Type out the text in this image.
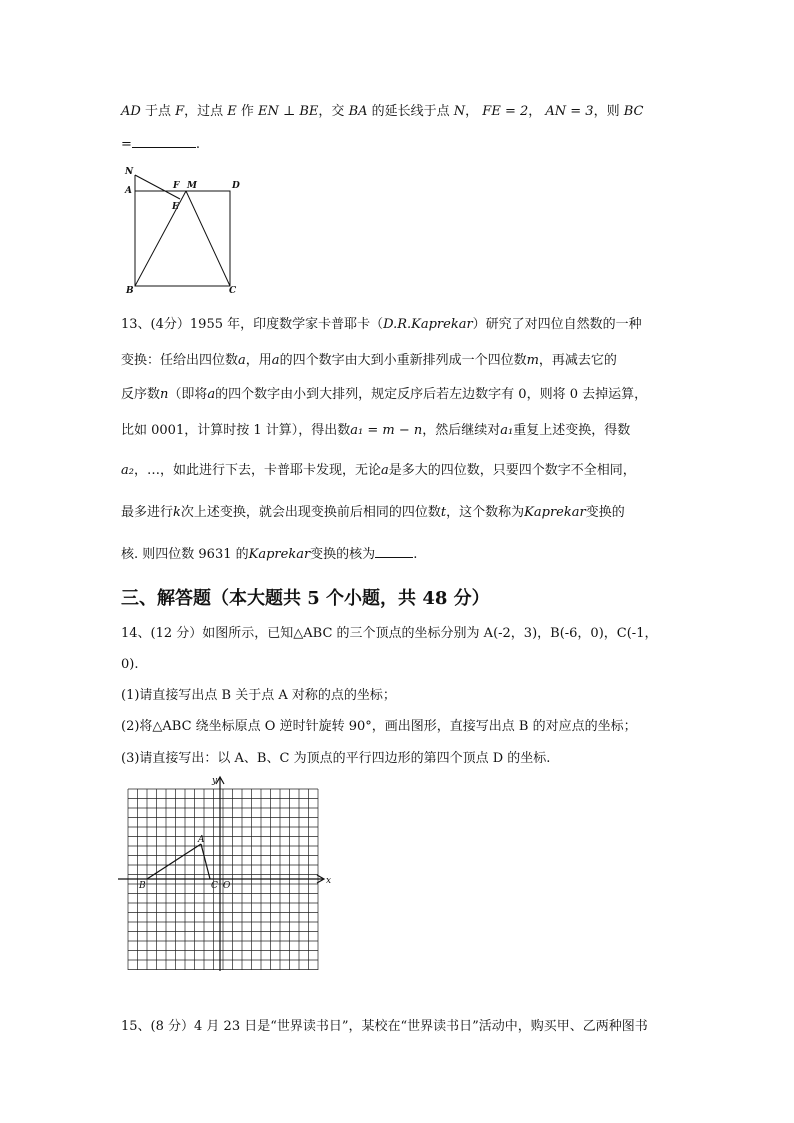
AD 于点 F，过点 E 作 EN ⊥ BE，交 BA 的延长线于点 N， FE = 2， AN = 3，则 BC
=	.
N
A	F M	D
E
B	C
13、(4分）1955 年，印度数学家卡普耶卡（D.R.Kaprekar）研究了对四位自然数的一种
变换：任给出四位数a，用a的四个数字由大到小重新排列成一个四位数m，再减去它的
反序数n（即将a的四个数字由小到大排列，规定反序后若左边数字有 0，则将 0 去掉运算，
比如 0001，计算时按 1 计算），得出数a₁ = m − n，然后继续对a₁重复上述变换，得数
a₂，…，如此进行下去，卡普耶卡发现，无论a是多大的四位数，只要四个数字不全相同，
最多进行k次上述变换，就会出现变换前后相同的四位数t，这个数称为Kaprekar变换的
核. 则四位数 9631 的Kaprekar变换的核为	.
三、解答题（本大题共 5 个小题，共 48 分）
14、(12 分）如图所示，已知△ABC 的三个顶点的坐标分别为 A(-2，3)，B(-6，0)，C(-1，
0).
(1)请直接写出点 B 关于点 A 对称的点的坐标；
(2)将△ABC 绕坐标原点 O 逆时针旋转 90°，画出图形，直接写出点 B 的对应点的坐标；
(3)请直接写出：以 A、B、C 为顶点的平行四边形的第四个顶点 D 的坐标.
y
x
A
B	C O
15、(8 分）4 月 23 日是“世界读书日”，某校在“世界读书日”活动中，购买甲、乙两种图书
